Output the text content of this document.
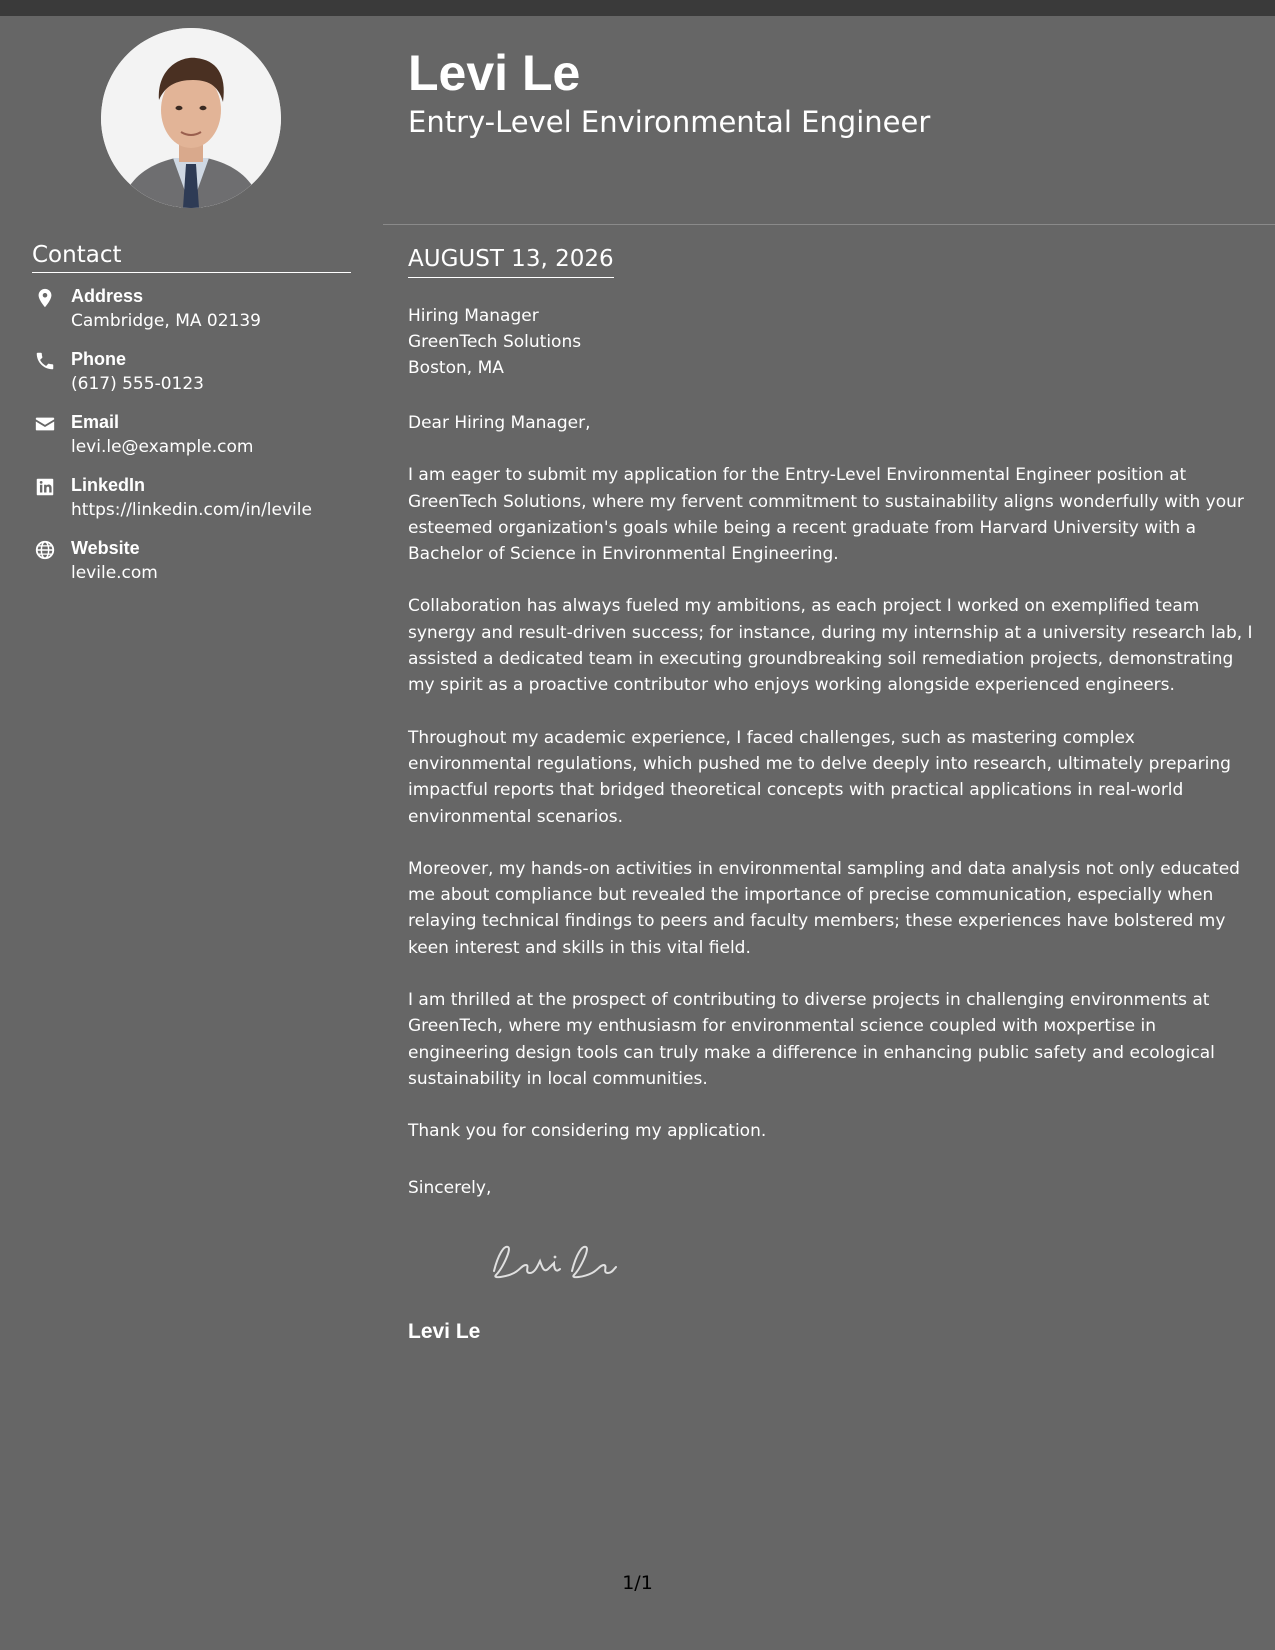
Contact
Address
Cambridge, MA 02139
Phone
(617) 555-0123
Email
levi.le@example.com
LinkedIn
https://linkedin.com/in/levile
Website
levile.com
Levi Le
Entry-Level Environmental Engineer
AUGUST 13, 2026
Hiring Manager
GreenTech Solutions
Boston, MA

Dear Hiring Manager,

I am eager to submit my application for the Entry-Level Environmental Engineer position at GreenTech Solutions, where my fervent commitment to sustainability aligns wonderfully with your esteemed organization's goals while being a recent graduate from Harvard University with a Bachelor of Science in Environmental Engineering.

Collaboration has always fueled my ambitions, as each project I worked on exemplified team synergy and result-driven success; for instance, during my internship at a university research lab, I assisted a dedicated team in executing groundbreaking soil remediation projects, demonstrating my spirit as a proactive contributor who enjoys working alongside experienced engineers.

Throughout my academic experience, I faced challenges, such as mastering complex environmental regulations, which pushed me to delve deeply into research, ultimately preparing impactful reports that bridged theoretical concepts with practical applications in real-world environmental scenarios.

Moreover, my hands-on activities in environmental sampling and data analysis not only educated me about compliance but revealed the importance of precise communication, especially when relaying technical findings to peers and faculty members; these experiences have bolstered my keen interest and skills in this vital field.

I am thrilled at the prospect of contributing to diverse projects in challenging environments at GreenTech, where my enthusiasm for environmental science coupled with мoxpertise in engineering design tools can truly make a difference in enhancing public safety and ecological sustainability in local communities.

Thank you for considering my application.

Sincerely,
Levi Le
1/1
